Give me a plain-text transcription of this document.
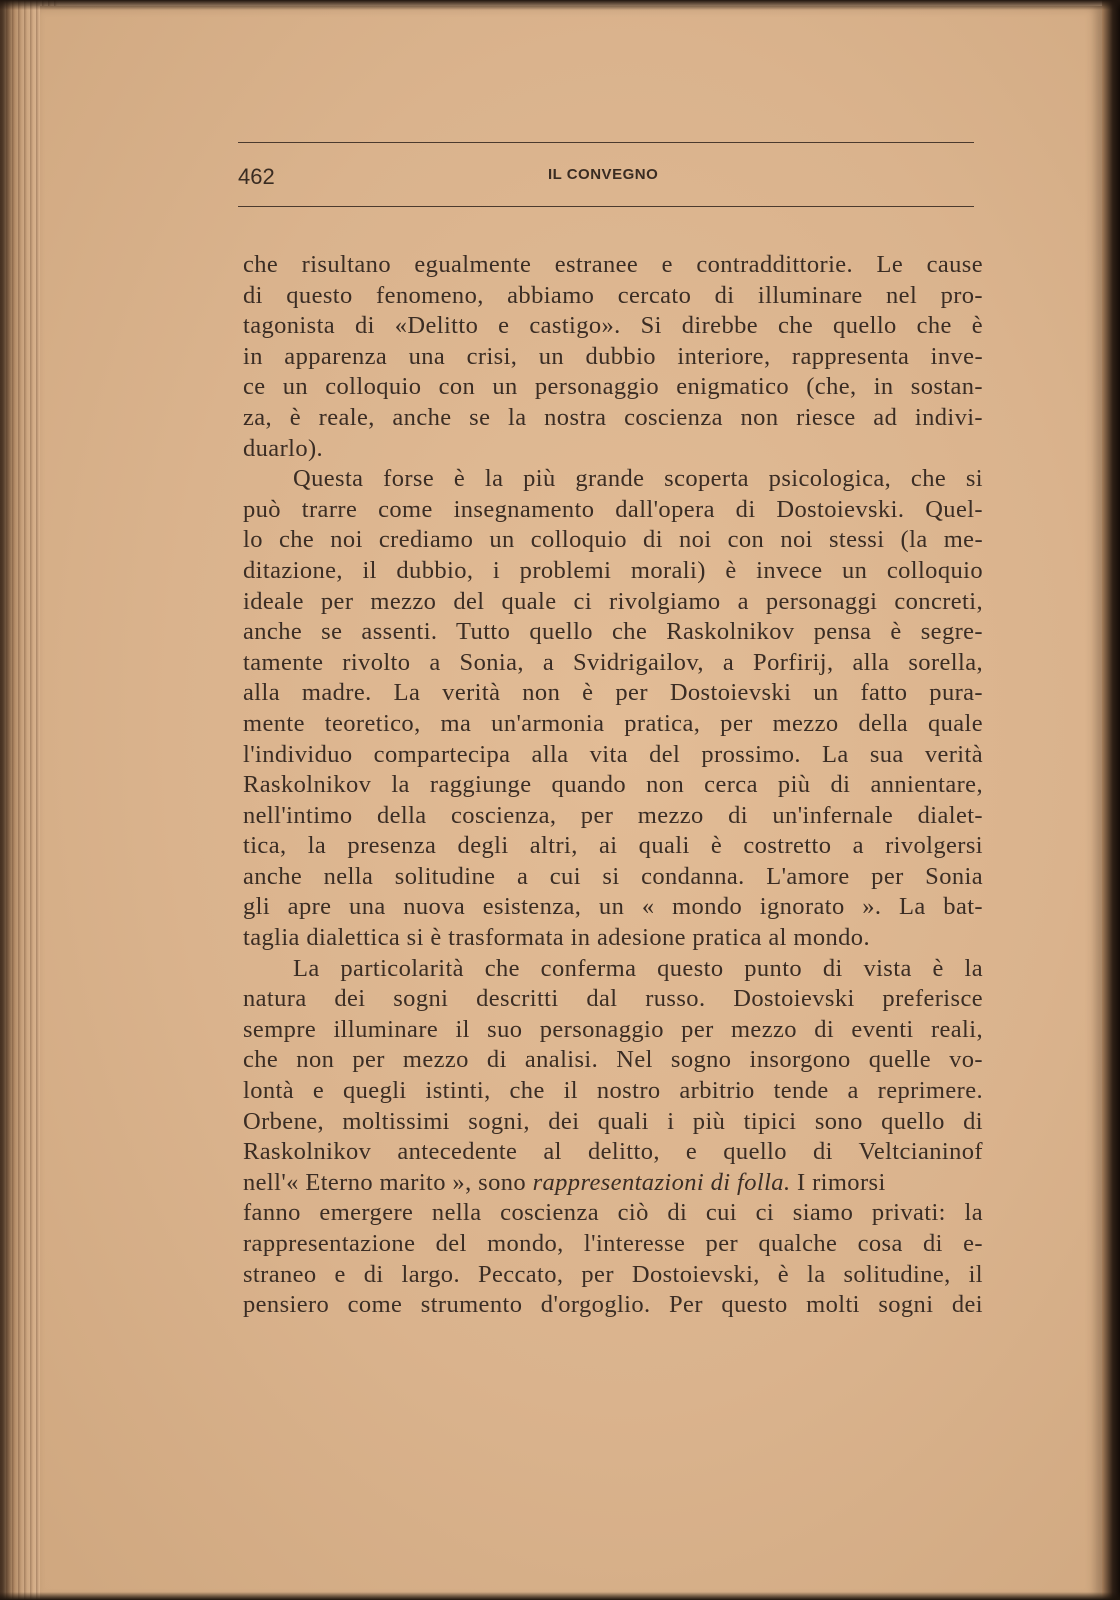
462	IL CONVEGNO
che risultano egualmente estranee e contraddittorie. Le cause
di questo fenomeno, abbiamo cercato di illuminare nel pro-
tagonista di «Delitto e castigo». Si direbbe che quello che è
in apparenza una crisi, un dubbio interiore, rappresenta inve-
ce un colloquio con un personaggio enigmatico (che, in sostan-
za, è reale, anche se la nostra coscienza non riesce ad indivi-
duarlo).
Questa forse è la più grande scoperta psicologica, che si
può trarre come insegnamento dall'opera di Dostoievski. Quel-
lo che noi crediamo un colloquio di noi con noi stessi (la me-
ditazione, il dubbio, i problemi morali) è invece un colloquio
ideale per mezzo del quale ci rivolgiamo a personaggi concreti,
anche se assenti. Tutto quello che Raskolnikov pensa è segre-
tamente rivolto a Sonia, a Svidrigailov, a Porfirij, alla sorella,
alla madre. La verità non è per Dostoievski un fatto pura-
mente teoretico, ma un'armonia pratica, per mezzo della quale
l'individuo compartecipa alla vita del prossimo. La sua verità
Raskolnikov la raggiunge quando non cerca più di annientare,
nell'intimo della coscienza, per mezzo di un'infernale dialet-
tica, la presenza degli altri, ai quali è costretto a rivolgersi
anche nella solitudine a cui si condanna. L'amore per Sonia
gli apre una nuova esistenza, un « mondo ignorato ». La bat-
taglia dialettica si è trasformata in adesione pratica al mondo.
La particolarità che conferma questo punto di vista è la
natura dei sogni descritti dal russo. Dostoievski preferisce
sempre illuminare il suo personaggio per mezzo di eventi reali,
che non per mezzo di analisi. Nel sogno insorgono quelle vo-
lontà e quegli istinti, che il nostro arbitrio tende a reprimere.
Orbene, moltissimi sogni, dei quali i più tipici sono quello di
Raskolnikov antecedente al delitto, e quello di Veltcianinof
nell'« Eterno marito », sono rappresentazioni di folla. I rimorsi
fanno emergere nella coscienza ciò di cui ci siamo privati: la
rappresentazione del mondo, l'interesse per qualche cosa di e-
straneo e di largo. Peccato, per Dostoievski, è la solitudine, il
pensiero come strumento d'orgoglio. Per questo molti sogni dei
